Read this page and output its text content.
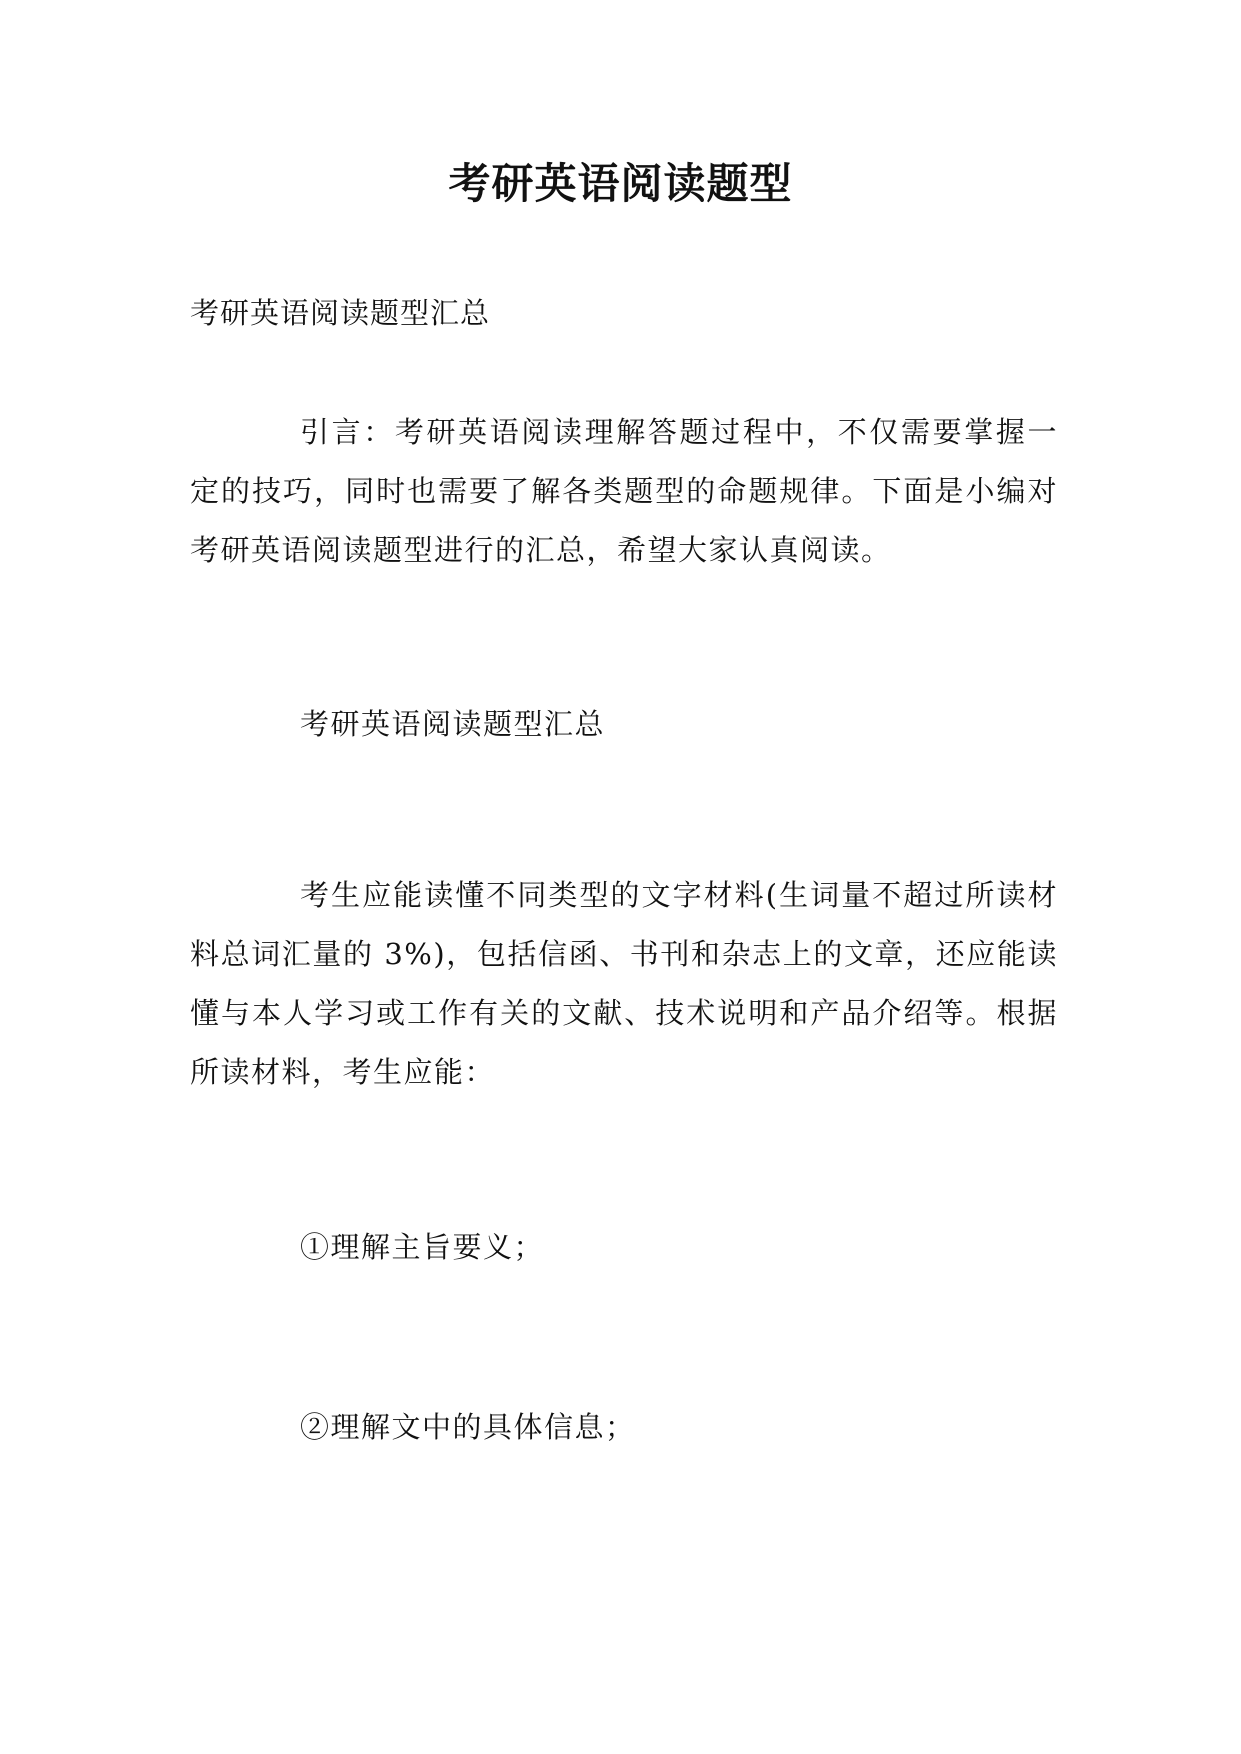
考研英语阅读题型

考研英语阅读题型汇总

引言：考研英语阅读理解答题过程中，不仅需要掌握一定的技巧，同时也需要了解各类题型的命题规律。下面是小编对考研英语阅读题型进行的汇总，希望大家认真阅读。

考研英语阅读题型汇总

考生应能读懂不同类型的文字材料(生词量不超过所读材料总词汇量的 3%)，包括信函、书刊和杂志上的文章，还应能读懂与本人学习或工作有关的文献、技术说明和产品介绍等。根据所读材料，考生应能：

①理解主旨要义；

②理解文中的具体信息；
